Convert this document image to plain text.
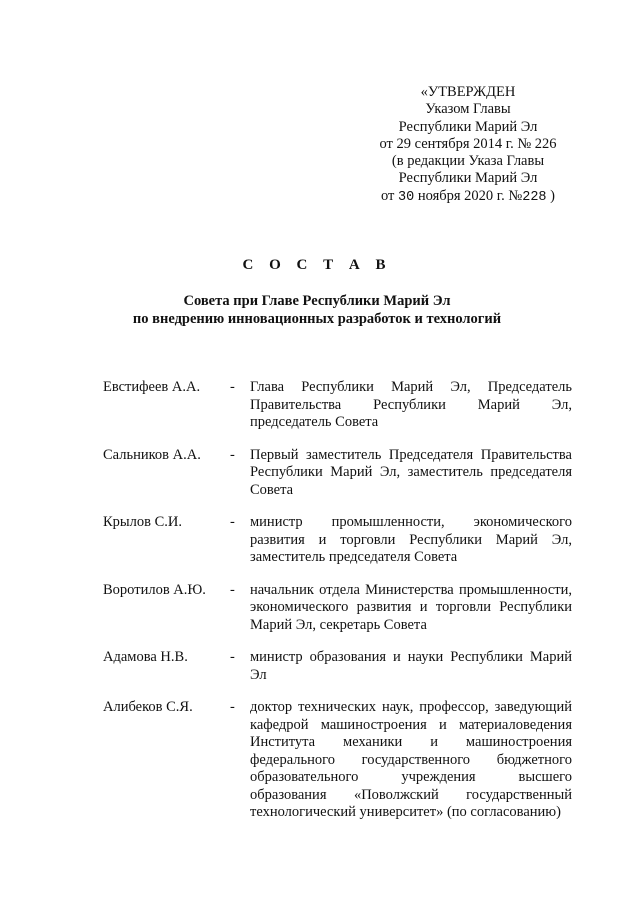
«УТВЕРЖДЕН
Указом Главы
Республики Марий Эл
от 29 сентября 2014 г. № 226
(в редакции Указа Главы
Республики Марий Эл
от 30 ноября 2020 г. №228 )
С О С Т А В
Совета при Главе Республики Марий Эл
по внедрению инновационных разработок и технологий
Евстифеев А.А.	- Глава Республики Марий Эл, Председатель Правительства Республики Марий Эл, председатель Совета
Сальников А.А.	- Первый заместитель Председателя Правительства Республики Марий Эл, заместитель председателя Совета
Крылов С.И.	- министр промышленности, экономического развития и торговли Республики Марий Эл, заместитель председателя Совета
Воротилов А.Ю.	- начальник отдела Министерства промышленности, экономического развития и торговли Республики Марий Эл, секретарь Совета
Адамова Н.В.	- министр образования и науки Республики Марий Эл
Алибеков С.Я.	- доктор технических наук, профессор, заведующий кафедрой машиностроения и материаловедения Института механики и машиностроения федерального государственного бюджетного образовательного учреждения высшего образования «Поволжский государственный технологический университет» (по согласованию)
